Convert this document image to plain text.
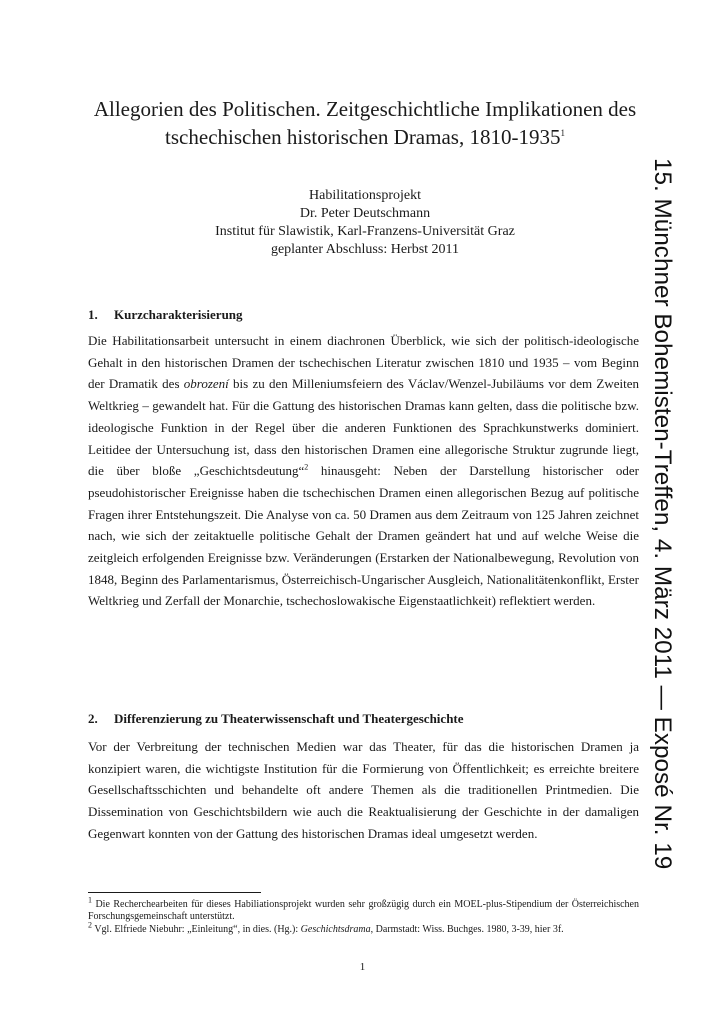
Allegorien des Politischen. Zeitgeschichtliche Implikationen des
tschechischen historischen Dramas, 1810-1935$^1$
Habilitationsprojekt
Dr. Peter Deutschmann
Institut für Slawistik, Karl-Franzens-Universität Graz
geplanter Abschluss: Herbst 2011
1. Kurzcharakterisierung

Die Habilitationsarbeit untersucht in einem diachronen Überblick, wie sich der politisch-ideologische Gehalt in den historischen Dramen der tschechischen Literatur zwischen 1810 und 1935 – vom Beginn der Dramatik des obrození bis zu den Milleniumsfeiern des Václav/Wenzel-Jubiläums vor dem Zweiten Weltkrieg – gewandelt hat. Für die Gattung des historischen Dramas kann gelten, dass die politische bzw. ideologische Funktion in der Regel über die anderen Funktionen des Sprachkunstwerks dominiert. Leitidee der Untersuchung ist, dass den historischen Dramen eine allegorische Struktur zugrunde liegt, die über bloße „Geschichtsdeutung“$^2$ hinausgeht: Neben der Darstellung historischer oder pseudohistorischer Ereignisse haben die tschechischen Dramen einen allegorischen Bezug auf politische Fragen ihrer Entstehungszeit. Die Analyse von ca. 50 Dramen aus dem Zeitraum von 125 Jahren zeichnet nach, wie sich der zeitaktuelle politische Gehalt der Dramen geändert hat und auf welche Weise die zeitgleich erfolgenden Ereignisse bzw. Veränderungen (Erstarken der Nationalbewegung, Revolution von 1848, Beginn des Parlamentarismus, Österreichisch-Ungarischer Ausgleich, Nationalitätenkonflikt, Erster Weltkrieg und Zerfall der Monarchie, tschechoslowakische Eigenstaatlichkeit) reflektiert werden.

2. Differenzierung zu Theaterwissenschaft und Theatergeschichte

Vor der Verbreitung der technischen Medien war das Theater, für das die historischen Dramen ja konzipiert waren, die wichtigste Institution für die Formierung von Öffentlichkeit; es erreichte breitere Gesellschaftsschichten und behandelte oft andere Themen als die traditionellen Printmedien. Die Dissemination von Geschichtsbildern wie auch die Reaktualisierung der Geschichte in der damaligen Gegenwart konnten von der Gattung des historischen Dramas ideal umgesetzt werden.

$^1$ Die Recherchearbeiten für dieses Habiliationsprojekt wurden sehr großzügig durch ein MOEL-plus-Stipendium der Österreichischen Forschungsgemeinschaft unterstützt.

$^2$ Vgl. Elfriede Niebuhr: „Einleitung“, in dies. (Hg.): Geschichtsdrama, Darmstadt: Wiss. Buchges. 1980, 3-39, hier 3f.

1
15. Münchner Bohemisten-Treffen, 4. März 2011 — Exposé Nr. 19
